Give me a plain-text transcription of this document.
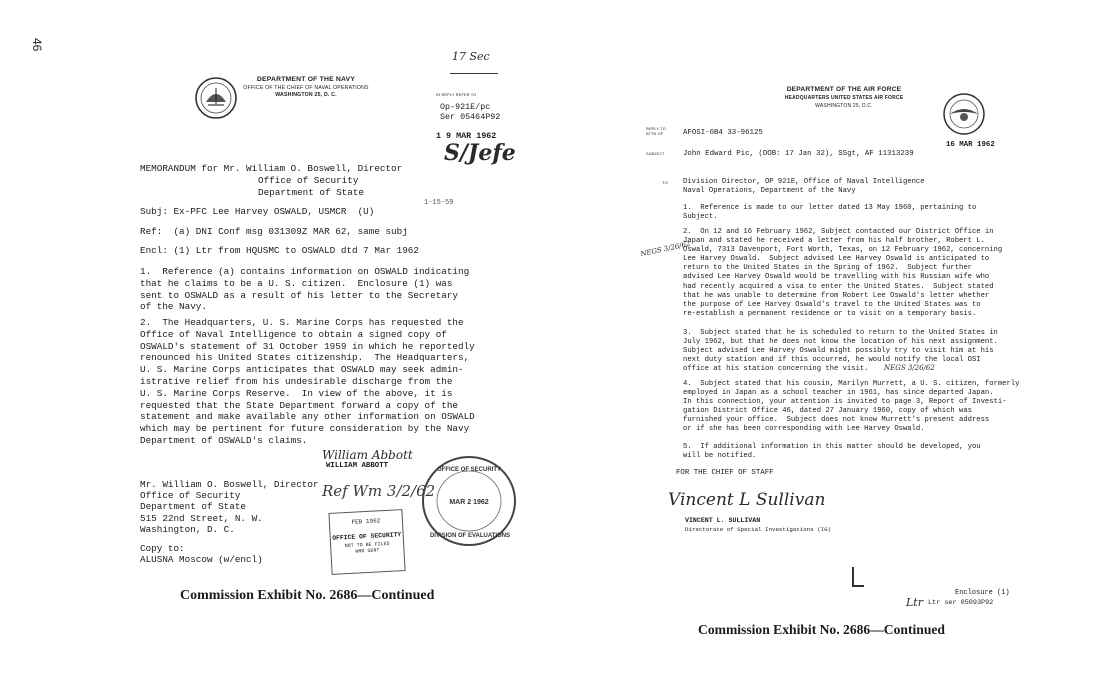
46
DEPARTMENT OF THE NAVY
OFFICE OF THE CHIEF OF NAVAL OPERATIONS
WASHINGTON 25, D. C.
17 Sec
IN REPLY REFER TO
Op-921E/pc
Ser 05464P92
1 9 MAR 1962
S/Jefe
MEMORANDUM for Mr. William O. Boswell, Director
Office of Security
Department of State
1-15-59
Subj: Ex-PFC Lee Harvey OSWALD, USMCR  (U)
Ref:  (a) DNI Conf msg 031309Z MAR 62, same subj
Encl: (1) Ltr from HQUSMC to OSWALD dtd 7 Mar 1962
1.  Reference (a) contains information on OSWALD indicating
that he claims to be a U. S. citizen.  Enclosure (1) was
sent to OSWALD as a result of his letter to the Secretary
of the Navy.
2.  The Headquarters, U. S. Marine Corps has requested the
Office of Naval Intelligence to obtain a signed copy of
OSWALD's statement of 31 October 1959 in which he reportedly
renounced his United States citizenship.  The Headquarters,
U. S. Marine Corps anticipates that OSWALD may seek admin-
istrative relief from his undesirable discharge from the
U. S. Marine Corps Reserve.  In view of the above, it is
requested that the State Department forward a copy of the
statement and make available any other information on OSWALD
which may be pertinent for future consideration by the Navy
Department of OSWALD's claims.
William Abbott
WILLIAM ABBOTT
Mr. William O. Boswell, Director
Office of Security
Department of State
515 22nd Street, N. W.
Washington, D. C.
Copy to:
ALUSNA Moscow (w/encl)
Ref Wm 3/2/62
OFFICE OF SECURITY
MAR 2 1962
DIVISION OF EVALUATIONS
FEB 1962
OFFICE OF SECURITY
NOT TO BE FILED
WHO SENT
Commission Exhibit No. 2686—Continued
DEPARTMENT OF THE AIR FORCE
HEADQUARTERS UNITED STATES AIR FORCE
WASHINGTON 25, D.C.
REPLY TO
ATTN OF	AFOSI-6B4 33-96125
16 MAR 1962
SUBJECT John Edward Pic, (DOB: 17 Jan 32), SSgt, AF 11313239
TO Division Director, OP 921E, Office of Naval Intelligence
Naval Operations, Department of the Navy
1.  Reference is made to our letter dated 13 May 1960, pertaining to
Subject.
2.  On 12 and 16 February 1962, Subject contacted our District Office in
Japan and stated he received a letter from his half brother, Robert L.
Oswald, 7313 Davenport, Fort Worth, Texas, on 12 February 1962, concerning
Lee Harvey Oswald.  Subject advised Lee Harvey Oswald is anticipated to
return to the United States in the Spring of 1962.  Subject further
advised Lee Harvey Oswald would be travelling with his Russian wife who
had recently acquired a visa to enter the United States.  Subject stated
that he was unable to determine from Robert Lee Oswald's letter whether
the purpose of Lee Harvey Oswald's travel to the United States was to
re-establish a permanent residence or to visit on a temporary basis.
3.  Subject stated that he is scheduled to return to the United States in
July 1962, but that he does not know the location of his next assignment.
Subject advised Lee Harvey Oswald might possibly try to visit him at his
next duty station and if this occurred, he would notify the local OSI
office at his station concerning the visit.
4.  Subject stated that his cousin, Marilyn Murrett, a U. S. citizen, formerly
employed in Japan as a school teacher in 1961, has since departed Japan.
In this connection, your attention is invited to page 3, Report of Investi-
gation District Office 46, dated 27 January 1960, copy of which was
furnished your office.  Subject does not know Murrett's present address
or if she has been corresponding with Lee Harvey Oswald.
5.  If additional information in this matter should be developed, you
will be notified.
NEGS 3/26/62
NEGS 3/26/62
FOR THE CHIEF OF STAFF
Vincent L Sullivan
VINCENT L. SULLIVAN
Directorate of Special Investigations (IG)
Enclosure (1)
Ltr Ltr ser 05093P92
Commission Exhibit No. 2686—Continued
